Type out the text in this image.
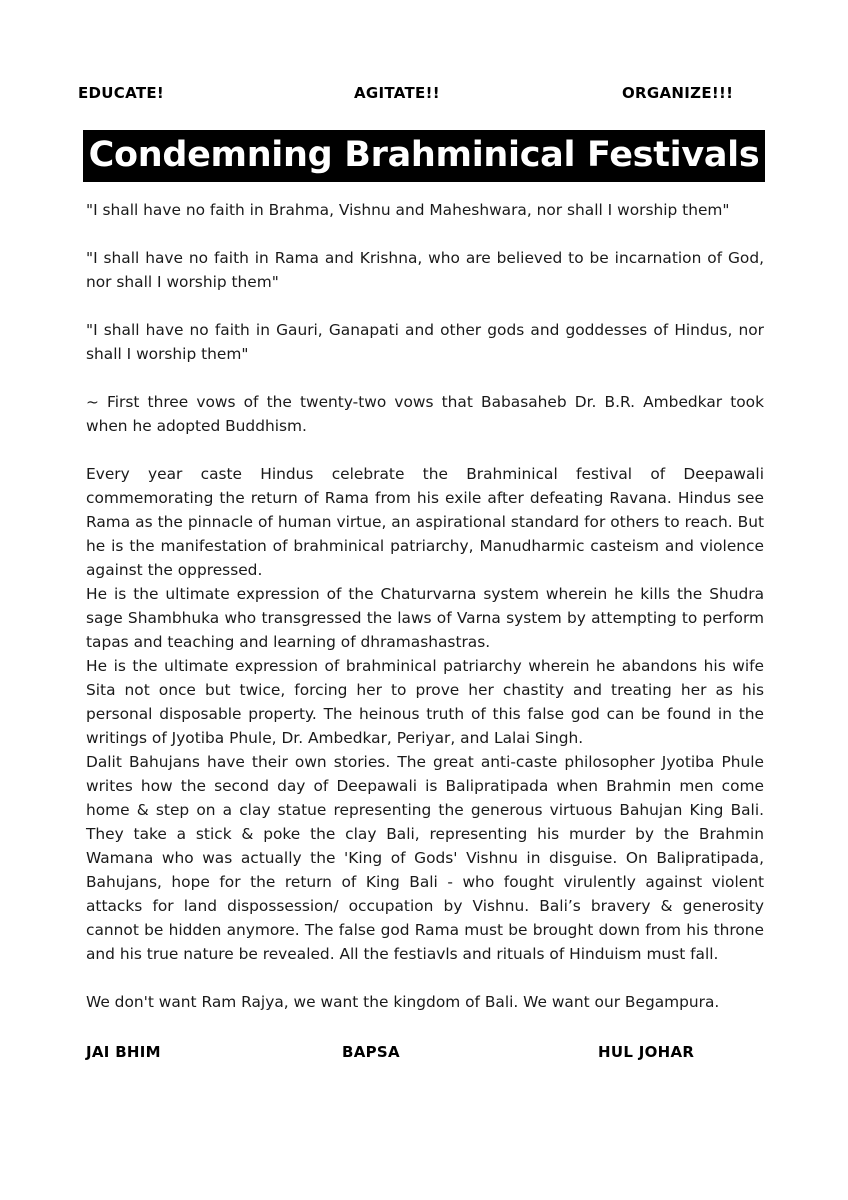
EDUCATE!	AGITATE!!	ORGANIZE!!!
Condemning Brahminical Festivals

"I shall have no faith in Brahma, Vishnu and Maheshwara, nor shall I worship them"

"I shall have no faith in Rama and Krishna, who are believed to be incarnation of God, nor shall I worship them"

"I shall have no faith in Gauri, Ganapati and other gods and goddesses of Hindus, nor shall I worship them"

~ First three vows of the twenty-two vows that Babasaheb Dr. B.R. Ambedkar took when he adopted Buddhism.

Every year caste Hindus celebrate the Brahminical festival of Deepawali commemorating the return of Rama from his exile after defeating Ravana. Hindus see Rama as the pinnacle of human virtue, an aspirational standard for others to reach. But he is the manifestation of brahminical patriarchy, Manudharmic casteism and violence against the oppressed.

He is the ultimate expression of the Chaturvarna system wherein he kills the Shudra sage Shambhuka who transgressed the laws of Varna system by attempting to perform tapas and teaching and learning of dhramashastras.

He is the ultimate expression of brahminical patriarchy wherein he abandons his wife Sita not once but twice, forcing her to prove her chastity and treating her as his personal disposable property. The heinous truth of this false god can be found in the writings of Jyotiba Phule, Dr. Ambedkar, Periyar, and Lalai Singh.

Dalit Bahujans have their own stories. The great anti-caste philosopher Jyotiba Phule writes how the second day of Deepawali is Balipratipada when Brahmin men come home & step on a clay statue representing the generous virtuous Bahujan King Bali. They take a stick & poke the clay Bali, representing his murder by the Brahmin Wamana who was actually the 'King of Gods' Vishnu in disguise. On Balipratipada, Bahujans, hope for the return of King Bali - who fought virulently against violent attacks for land dispossession/ occupation by Vishnu. Bali’s bravery & generosity cannot be hidden anymore. The false god Rama must be brought down from his throne and his true nature be revealed. All the festiavls and rituals of Hinduism must fall.

We don't want Ram Rajya, we want the kingdom of Bali. We want our Begampura.

JAI BHIM	BAPSA	HUL JOHAR
